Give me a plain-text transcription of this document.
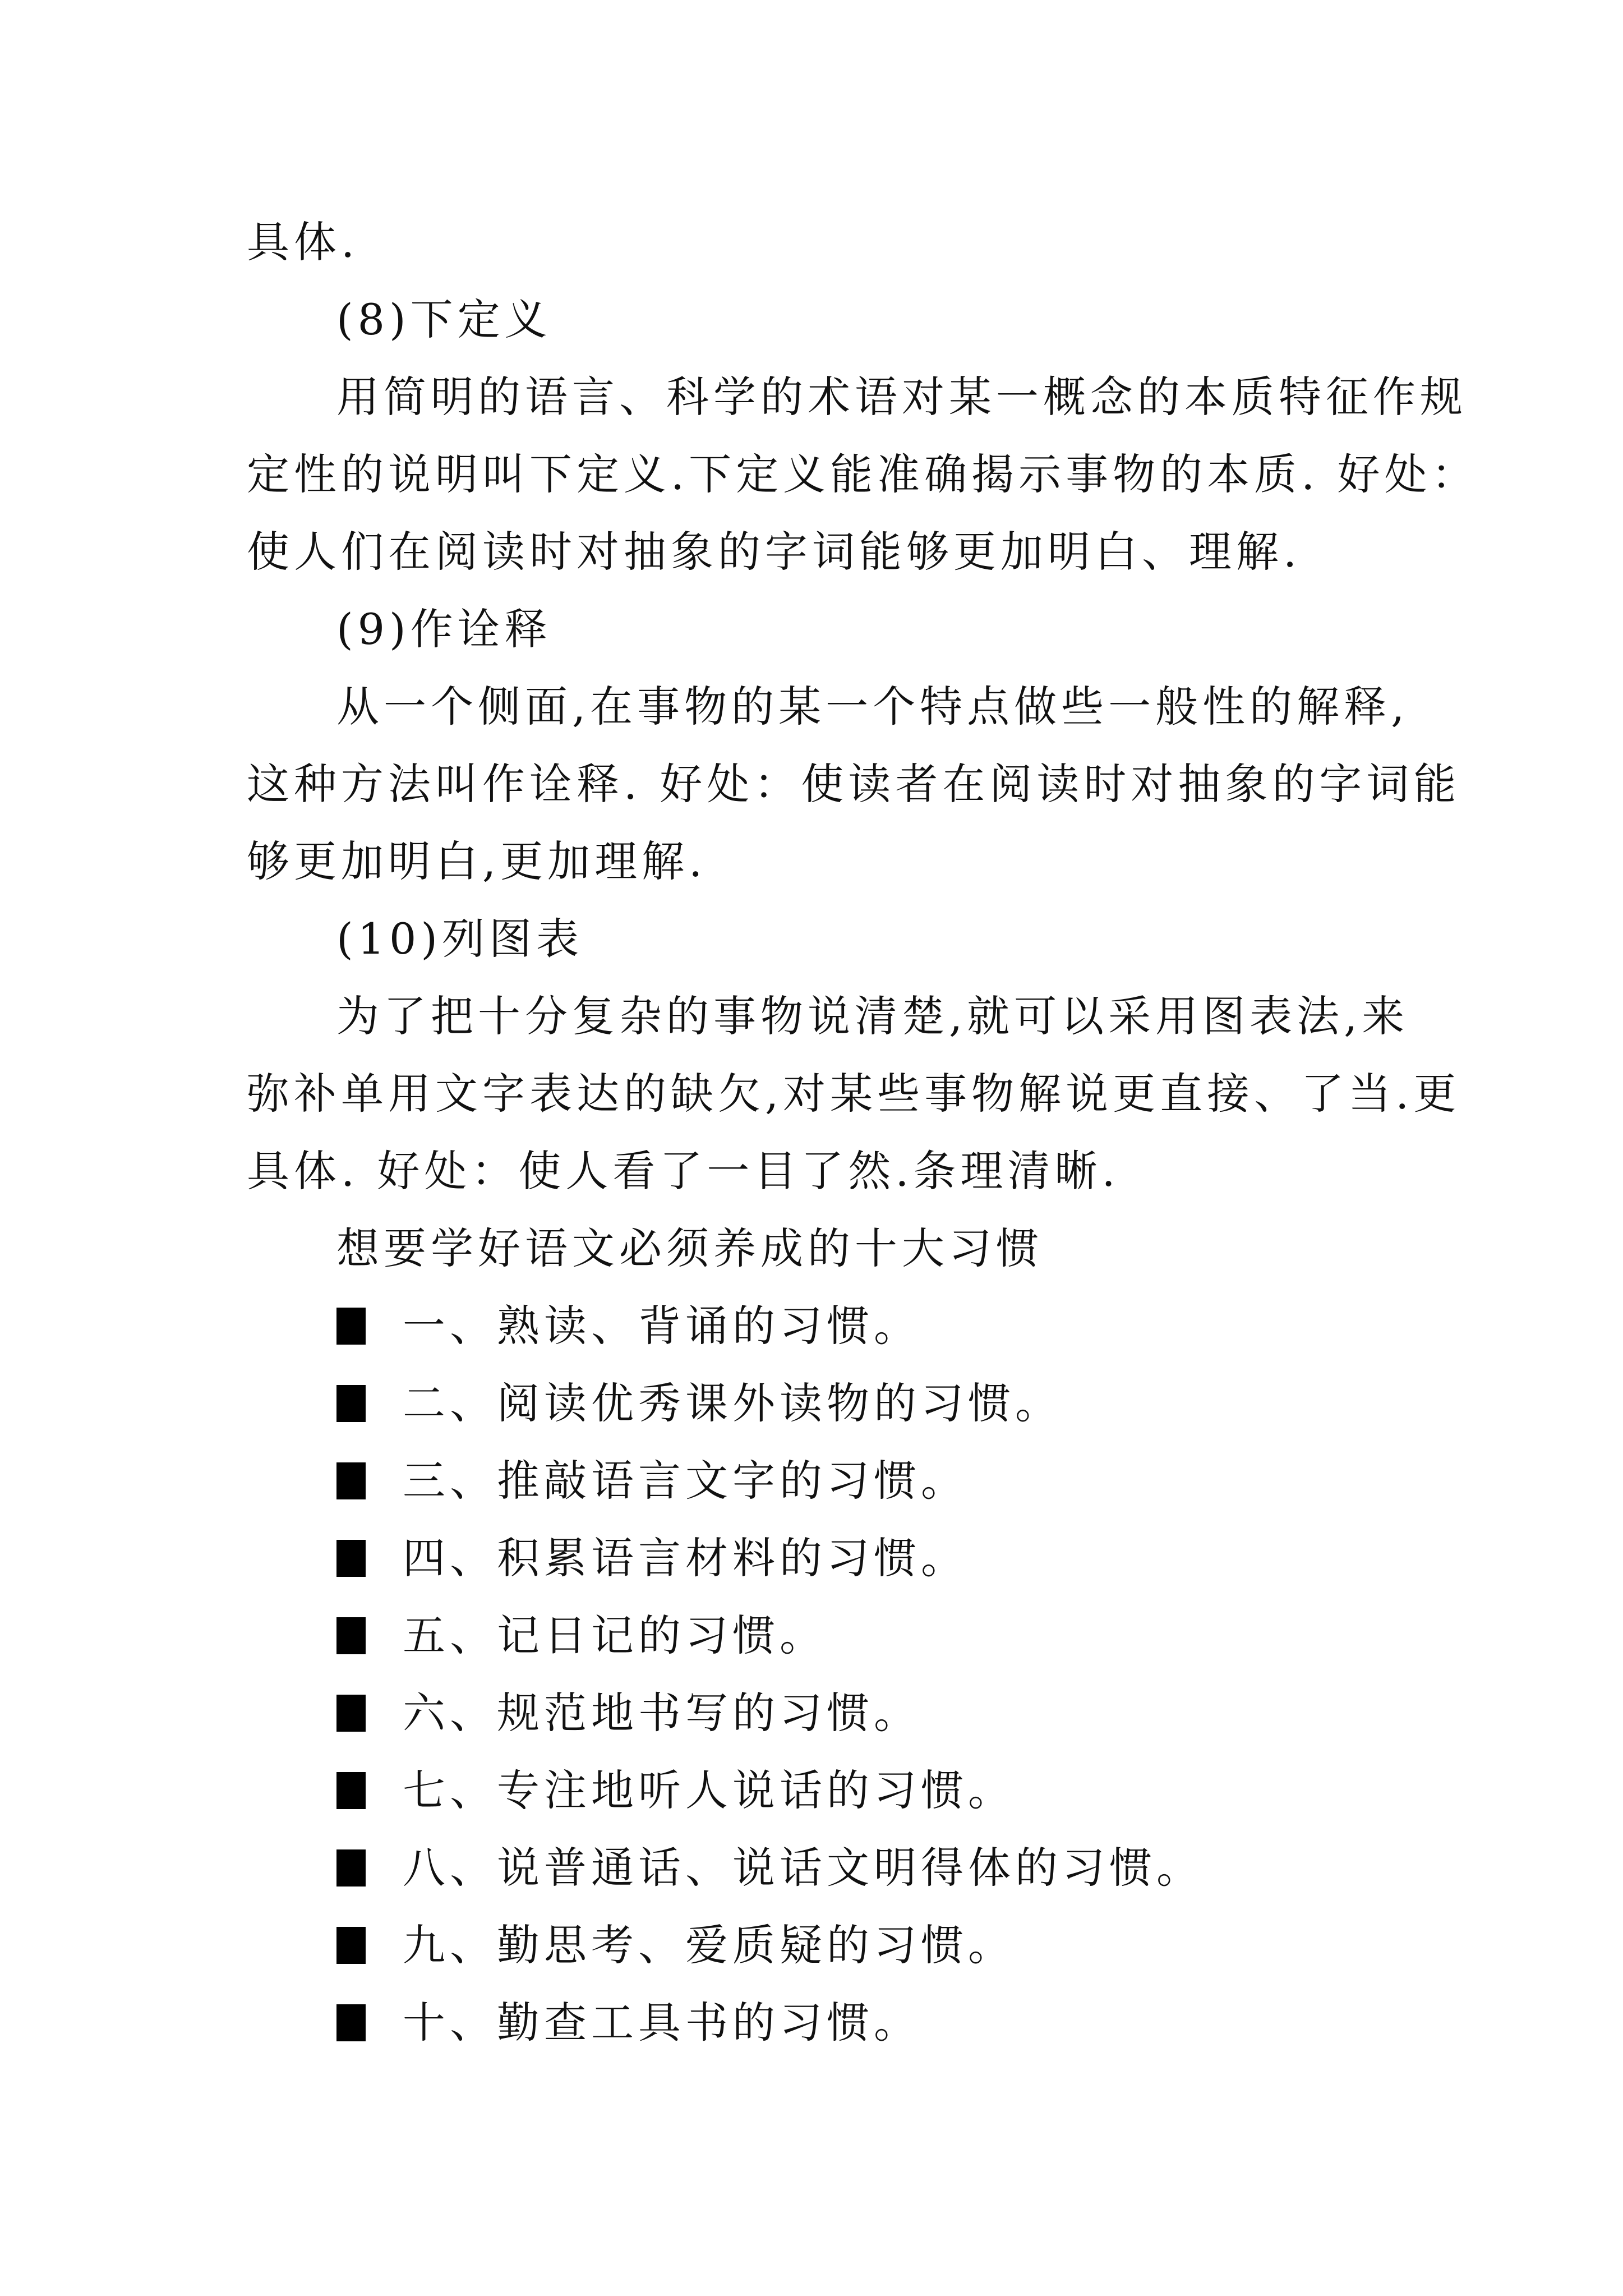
具体.
(8)下定义
用简明的语言、科学的术语对某一概念的本质特征作规
定性的说明叫下定义.下定义能准确揭示事物的本质. 好处：
使人们在阅读时对抽象的字词能够更加明白、理解.
(9)作诠释
从一个侧面,在事物的某一个特点做些一般性的解释,
这种方法叫作诠释. 好处：使读者在阅读时对抽象的字词能
够更加明白,更加理解.
(10)列图表
为了把十分复杂的事物说清楚,就可以采用图表法,来
弥补单用文字表达的缺欠,对某些事物解说更直接、了当.更
具体. 好处：使人看了一目了然.条理清晰.
想要学好语文必须养成的十大习惯
一、熟读、背诵的习惯。
二、阅读优秀课外读物的习惯。
三、推敲语言文字的习惯。
四、积累语言材料的习惯。
五、记日记的习惯。
六、规范地书写的习惯。
七、专注地听人说话的习惯。
八、说普通话、说话文明得体的习惯。
九、勤思考、爱质疑的习惯。
十、勤查工具书的习惯。
